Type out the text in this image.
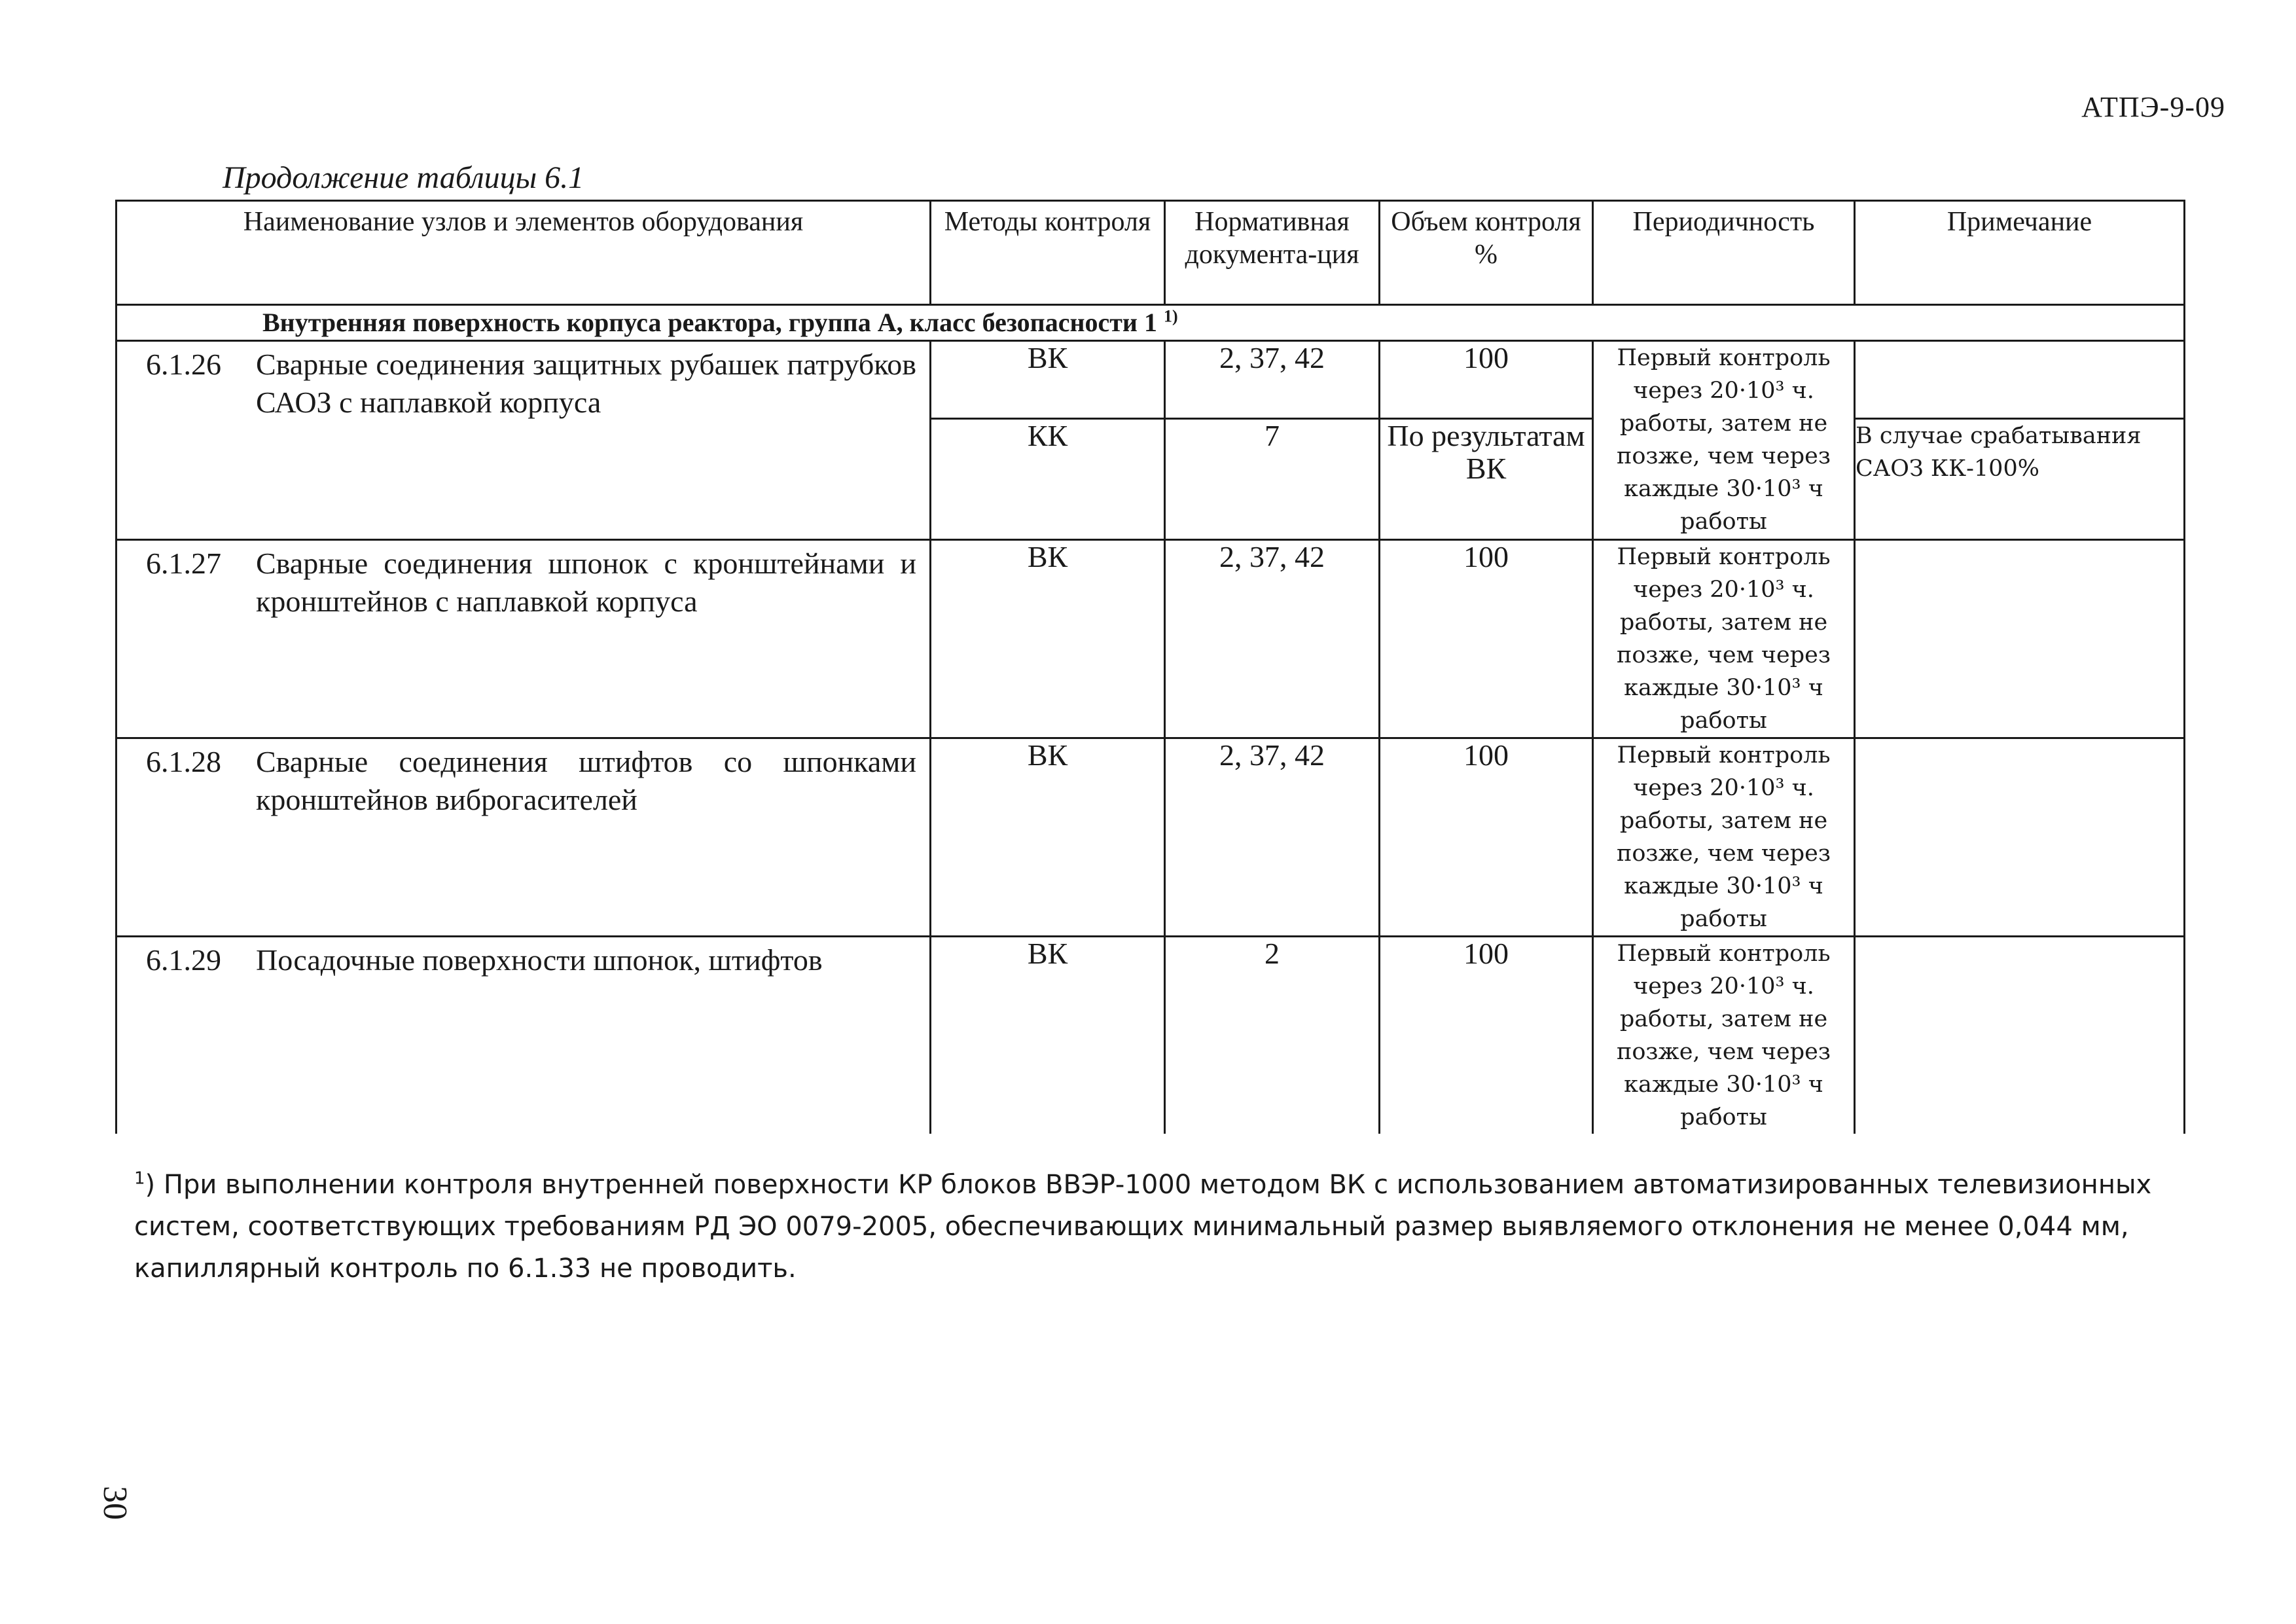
АТПЭ-9-09
Продолжение таблицы 6.1
Наименование узлов и элементов оборудования	Методы контроля	Нормативная документа-ция	Объем контроля %	Периодичность	Примечание
Внутренняя поверхность корпуса реактора, группа А, класс безопасности 1 $^{1)}$

6.1.26 Сварные соединения защитных рубашек патрубков САОЗ с наплавкой корпуса	ВК	2, 37, 42	100	Первый контроль через 20·10³ ч. работы, затем не позже, чем через каждые 30·10³ ч работы	
	КК	7	По результатам ВК		В случае срабатывания САОЗ КК-100%

6.1.27 Сварные соединения шпонок с кронштейнами и кронштейнов с наплавкой корпуса	ВК	2, 37, 42	100	Первый контроль через 20·10³ ч. работы, затем не позже, чем через каждые 30·10³ ч работы	

6.1.28 Сварные соединения штифтов со шпонками кронштейнов виброгасителей	ВК	2, 37, 42	100	Первый контроль через 20·10³ ч. работы, затем не позже, чем через каждые 30·10³ ч работы	

6.1.29 Посадочные поверхности шпонок, штифтов	ВК	2	100	Первый контроль через 20·10³ ч. работы, затем не позже, чем через каждые 30·10³ ч работы	
$^1$) При выполнении контроля внутренней поверхности КР блоков ВВЭР-1000 методом ВК с использованием автоматизированных телевизионных систем, соответствующих требованиям РД ЭО 0079-2005, обеспечивающих минимальный размер выявляемого отклонения не менее 0,044 мм, капиллярный контроль по 6.1.33 не проводить.
30
